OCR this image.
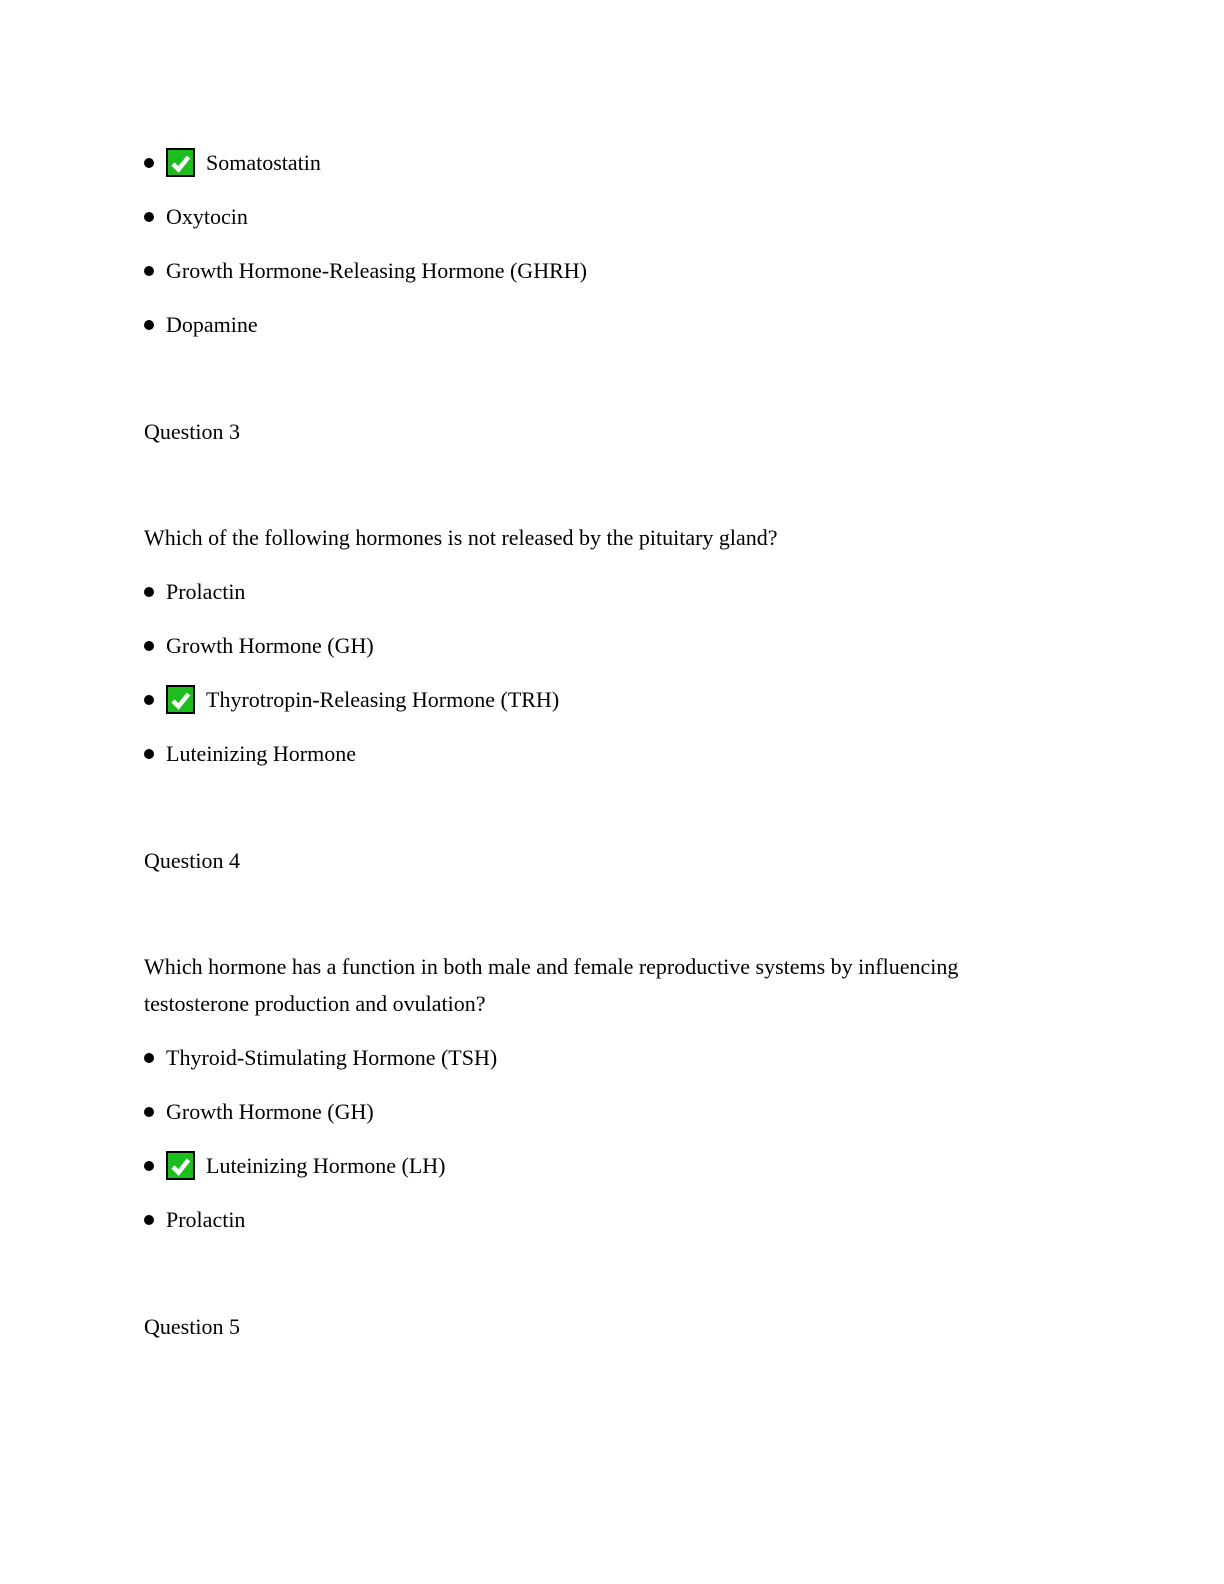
Somatostatin
Oxytocin
Growth Hormone-Releasing Hormone (GHRH)
Dopamine

Question 3

Which of the following hormones is not released by the pituitary gland?

Prolactin
Growth Hormone (GH)
Thyrotropin-Releasing Hormone (TRH)
Luteinizing Hormone

Question 4

Which hormone has a function in both male and female reproductive systems by influencing testosterone production and ovulation?

Thyroid-Stimulating Hormone (TSH)
Growth Hormone (GH)
Luteinizing Hormone (LH)
Prolactin

Question 5
